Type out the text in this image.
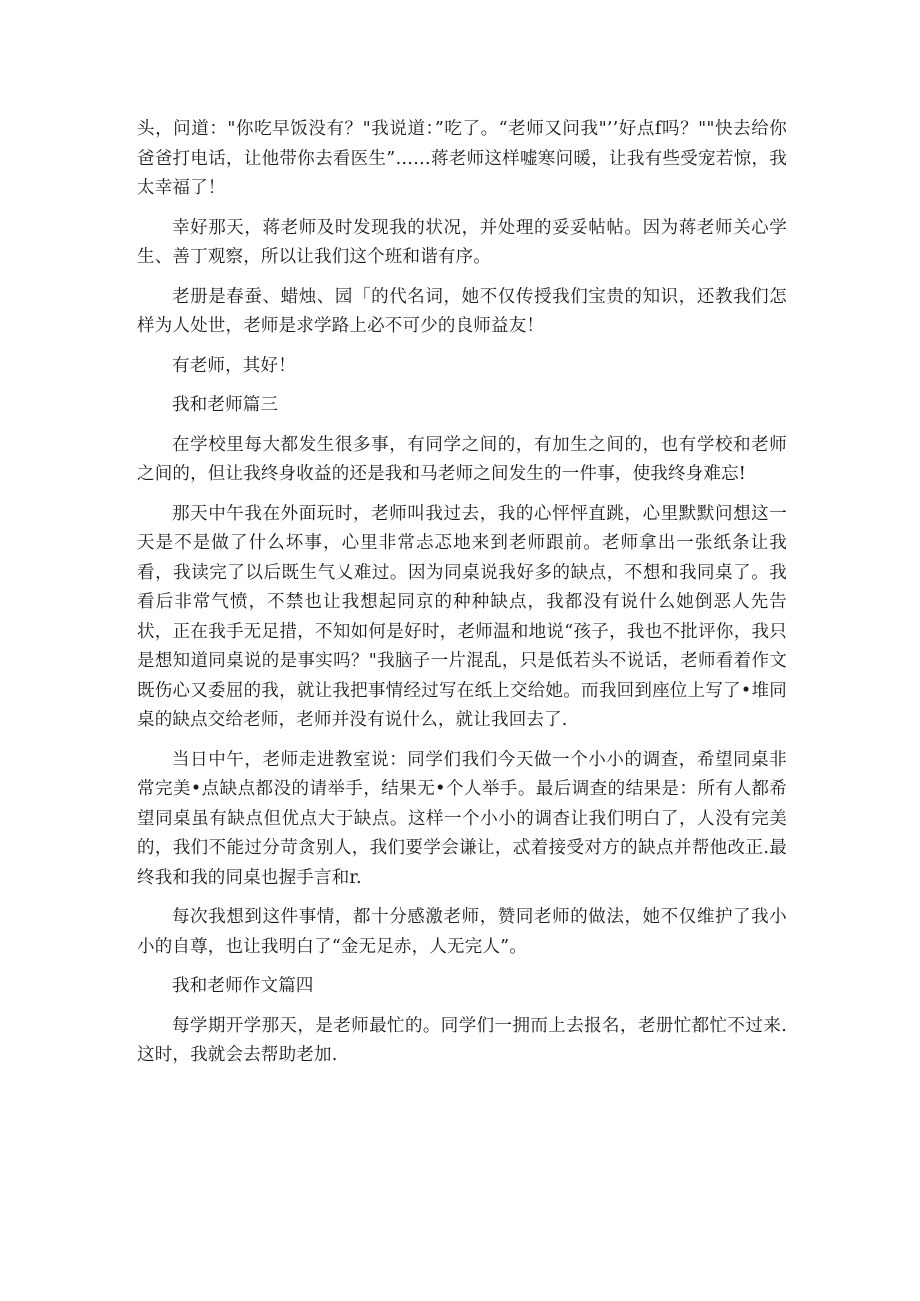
头，问道："你吃早饭没有？"我说道：”吃了。“老师又问我"’’好点f吗？""快去给你爸爸打电话，让他带你去看医生”……蒋老师这样嘘寒问暖，让我有些受宠若惊，我太幸福了！

幸好那天，蒋老师及时发现我的状况，并处理的妥妥帖帖。因为蒋老师关心学生、善丁观察，所以让我们这个班和谐有序。

老册是春蚕、蜡烛、园「的代名词，她不仅传授我们宝贵的知识，还教我们怎样为人处世，老师是求学路上必不可少的良师益友！

有老师，其好！

我和老师篇三

在学校里每大都发生很多事，有同学之间的，有加生之间的，也有学校和老师之间的，但让我终身收益的还是我和马老师之间发生的一件事，使我终身难忘!

那天中午我在外面玩时，老师叫我过去，我的心怦怦直跳，心里默默问想这一天是不是做了什么坏事，心里非常忐忑地来到老师跟前。老师拿出一张纸条让我看，我读完了以后既生气乂难过。因为同桌说我好多的缺点，不想和我同桌了。我看后非常气愤，不禁也让我想起同京的种种缺点，我都没有说什么她倒恶人先告状，正在我手无足措，不知如何是好时，老师温和地说“孩子，我也不批评你，我只是想知道同桌说的是事实吗？"我脑子一片混乱，只是低若头不说话，老师看着作文既伤心又委屈的我，就让我把事情经过写在纸上交给她。而我回到座位上写了•堆同桌的缺点交给老师，老师并没有说什么，就让我回去了.

当日中午，老师走进教室说：同学们我们今天做一个小小的调查，希望同桌非常完美•点缺点都没的请举手，结果无•个人举手。最后调查的结果是：所有人都希望同桌虽有缺点但优点大于缺点。这样一个小小的调杳让我们明白了，人没有完美的，我们不能过分苛贪别人，我们要学会谦让，忒着接受对方的缺点并帮他改正.最终我和我的同桌也握手言和r.

每次我想到这件事情，都十分感激老师，赞同老师的做法，她不仅维护了我小小的自尊，也让我明白了“金无足赤，人无完人”。

我和老师作文篇四

每学期开学那天，是老师最忙的。同学们一拥而上去报名，老册忙都忙不过来.这时，我就会去帮助老加.
